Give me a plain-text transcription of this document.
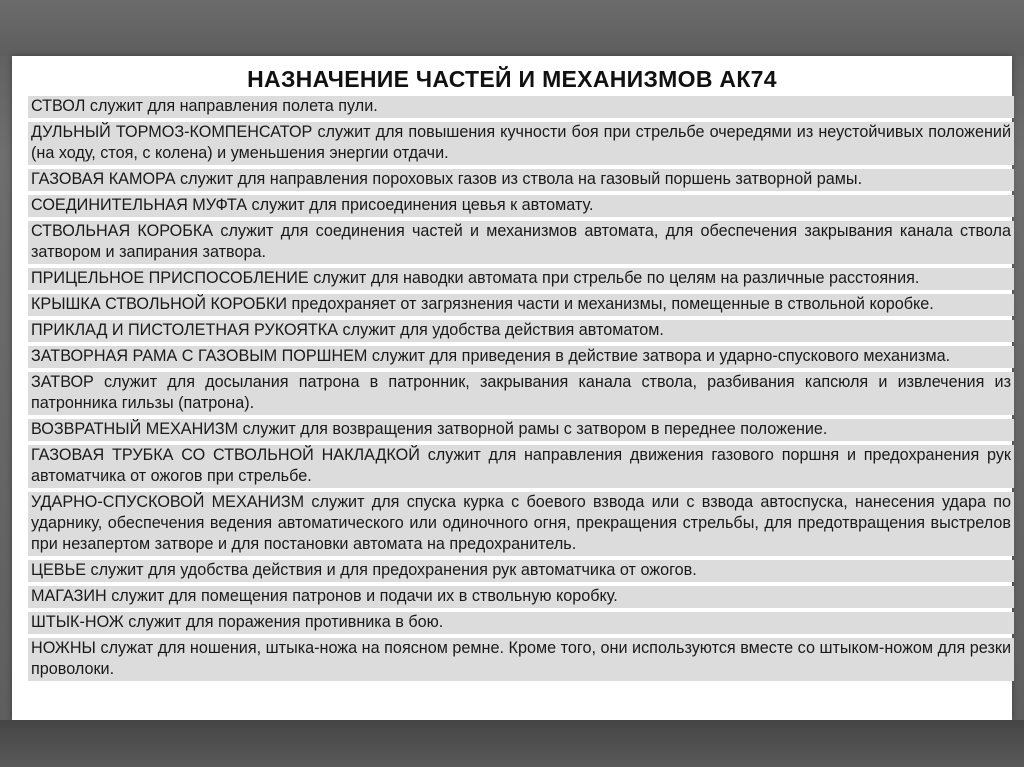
НАЗНАЧЕНИЕ ЧАСТЕЙ И МЕХАНИЗМОВ АК74
СТВОЛ служит для направления полета пули.
ДУЛЬНЫЙ ТОРМОЗ-КОМПЕНСАТОР служит для повышения кучности боя при стрельбе очередями из неустойчивых положений (на ходу, стоя, с колена) и уменьшения энергии отдачи.
ГАЗОВАЯ КАМОРА служит для направления пороховых газов из ствола на газовый поршень затворной рамы.
СОЕДИНИТЕЛЬНАЯ МУФТА служит для присоединения цевья к автомату.
СТВОЛЬНАЯ КОРОБКА служит для соединения частей и механизмов автомата, для обеспечения закрывания канала ствола затвором и запирания затвора.
ПРИЦЕЛЬНОЕ ПРИСПОСОБЛЕНИЕ служит для наводки автомата при стрельбе по целям на различные расстояния.
КРЫШКА СТВОЛЬНОЙ КОРОБКИ предохраняет от загрязнения части и механизмы, помещенные в ствольной коробке.
ПРИКЛАД И ПИСТОЛЕТНАЯ РУКОЯТКА служит для удобства действия автоматом.
ЗАТВОРНАЯ РАМА С ГАЗОВЫМ ПОРШНЕМ служит для приведения в действие затвора и ударно-спускового механизма.
ЗАТВОР служит для досылания патрона в патронник, закрывания канала ствола, разбивания капсюля и извлечения из патронника гильзы (патрона).
ВОЗВРАТНЫЙ МЕХАНИЗМ служит для возвращения затворной рамы с затвором в переднее положение.
ГАЗОВАЯ ТРУБКА СО СТВОЛЬНОЙ НАКЛАДКОЙ служит для направления движения газового поршня и предохранения рук автоматчика от ожогов при стрельбе.
УДАРНО-СПУСКОВОЙ МЕХАНИЗМ служит для спуска курка с боевого взвода или с взвода автоспуска, нанесения удара по ударнику, обеспечения ведения автоматического или одиночного огня, прекращения стрельбы, для предотвращения выстрелов при незапертом затворе и для постановки автомата на предохранитель.
ЦЕВЬЕ служит для удобства действия и для предохранения рук автоматчика от ожогов.
МАГАЗИН служит для помещения патронов и подачи их в ствольную коробку.
ШТЫК-НОЖ служит для поражения противника в бою.
НОЖНЫ служат для ношения, штыка-ножа на поясном ремне. Кроме того, они используются вместе со штыком-ножом для резки проволоки.
